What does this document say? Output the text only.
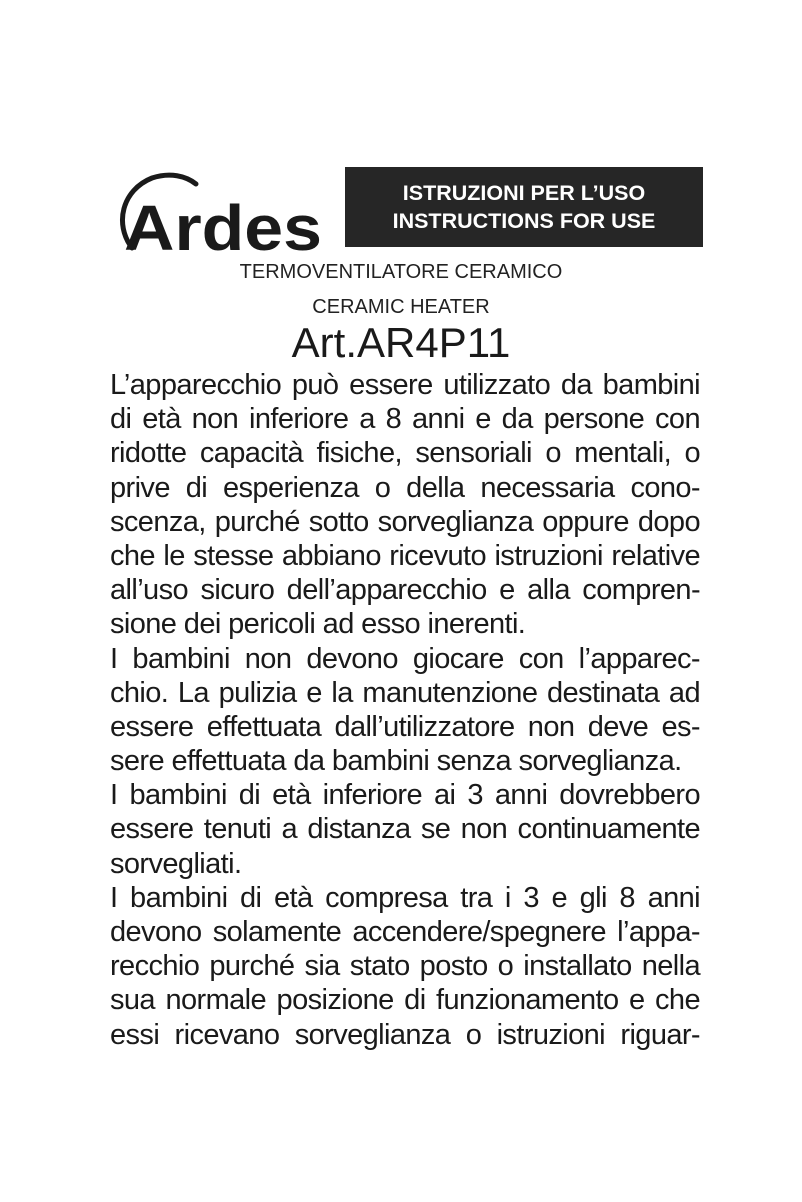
Ardes	ISTRUZIONI PER L’USO
INSTRUCTIONS FOR USE
TERMOVENTILATORE CERAMICO
CERAMIC HEATER
Art.AR4P11
L’apparecchio può essere utilizzato da bambini
di età non inferiore a 8 anni e da persone con
ridotte capacità fisiche, sensoriali o mentali, o
prive di esperienza o della necessaria cono-
scenza, purché sotto sorveglianza oppure dopo
che le stesse abbiano ricevuto istruzioni relative
all’uso sicuro dell’apparecchio e alla compren-
sione dei pericoli ad esso inerenti.
I bambini non devono giocare con l’apparec-
chio. La pulizia e la manutenzione destinata ad
essere effettuata dall’utilizzatore non deve es-
sere effettuata da bambini senza sorveglianza.
I bambini di età inferiore ai 3 anni dovrebbero
essere tenuti a distanza se non continuamente
sorvegliati.
I bambini di età compresa tra i 3 e gli 8 anni
devono solamente accendere/spegnere l’appa-
recchio purché sia stato posto o installato nella
sua normale posizione di funzionamento e che
essi ricevano sorveglianza o istruzioni riguar-
